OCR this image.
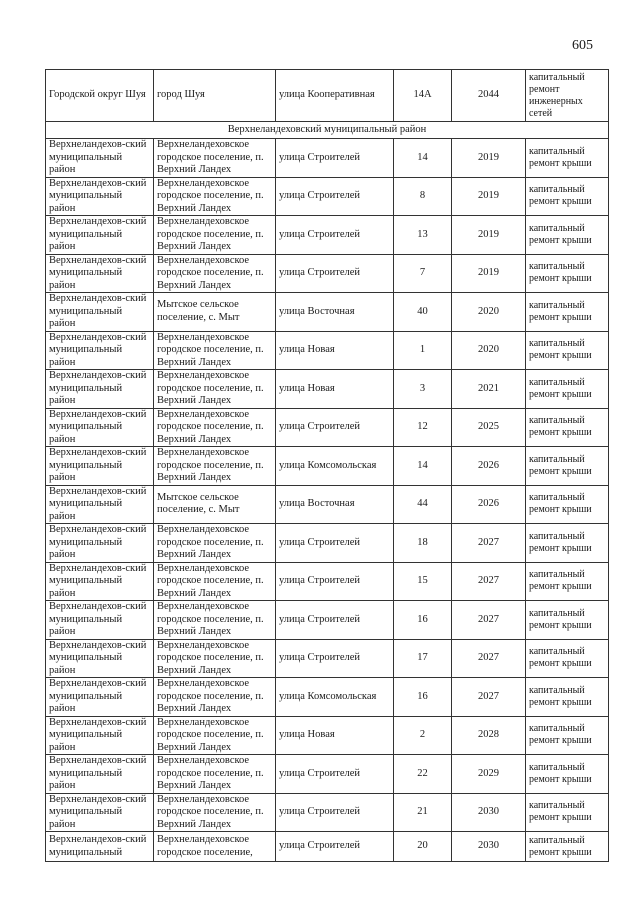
605
Городской округ Шуя	город Шуя	улица Кооперативная	14А	2044	капитальный ремонт инженерных сетей
Верхнеландеховский муниципальный район					
Верхнеландехов-ский муниципальный район	Верхнеландеховское городское поселение, п. Верхний Ландех	улица Строителей	14	2019	капитальный ремонт крыши
Верхнеландехов-ский муниципальный район	Верхнеландеховское городское поселение, п. Верхний Ландех	улица Строителей	8	2019	капитальный ремонт крыши
Верхнеландехов-ский муниципальный район	Верхнеландеховское городское поселение, п. Верхний Ландех	улица Строителей	13	2019	капитальный ремонт крыши
Верхнеландехов-ский муниципальный район	Верхнеландеховское городское поселение, п. Верхний Ландех	улица Строителей	7	2019	капитальный ремонт крыши
Верхнеландехов-ский муниципальный район	Мытское сельское поселение, с. Мыт	улица Восточная	40	2020	капитальный ремонт крыши
Верхнеландехов-ский муниципальный район	Верхнеландеховское городское поселение, п. Верхний Ландех	улица Новая	1	2020	капитальный ремонт крыши
Верхнеландехов-ский муниципальный район	Верхнеландеховское городское поселение, п. Верхний Ландех	улица Новая	3	2021	капитальный ремонт крыши
Верхнеландехов-ский муниципальный район	Верхнеландеховское городское поселение, п. Верхний Ландех	улица Строителей	12	2025	капитальный ремонт крыши
Верхнеландехов-ский муниципальный район	Верхнеландеховское городское поселение, п. Верхний Ландех	улица Комсомольская	14	2026	капитальный ремонт крыши
Верхнеландехов-ский муниципальный район	Мытское сельское поселение, с. Мыт	улица Восточная	44	2026	капитальный ремонт крыши
Верхнеландехов-ский муниципальный район	Верхнеландеховское городское поселение, п. Верхний Ландех	улица Строителей	18	2027	капитальный ремонт крыши
Верхнеландехов-ский муниципальный район	Верхнеландеховское городское поселение, п. Верхний Ландех	улица Строителей	15	2027	капитальный ремонт крыши
Верхнеландехов-ский муниципальный район	Верхнеландеховское городское поселение, п. Верхний Ландех	улица Строителей	16	2027	капитальный ремонт крыши
Верхнеландехов-ский муниципальный район	Верхнеландеховское городское поселение, п. Верхний Ландех	улица Строителей	17	2027	капитальный ремонт крыши
Верхнеландехов-ский муниципальный район	Верхнеландеховское городское поселение, п. Верхний Ландех	улица Комсомольская	16	2027	капитальный ремонт крыши
Верхнеландехов-ский муниципальный район	Верхнеландеховское городское поселение, п. Верхний Ландех	улица Новая	2	2028	капитальный ремонт крыши
Верхнеландехов-ский муниципальный район	Верхнеландеховское городское поселение, п. Верхний Ландех	улица Строителей	22	2029	капитальный ремонт крыши
Верхнеландехов-ский муниципальный район	Верхнеландеховское городское поселение, п. Верхний Ландех	улица Строителей	21	2030	капитальный ремонт крыши
Верхнеландехов-ский муниципальный	Верхнеландеховское городское поселение,	улица Строителей	20	2030	капитальный ремонт крыши
